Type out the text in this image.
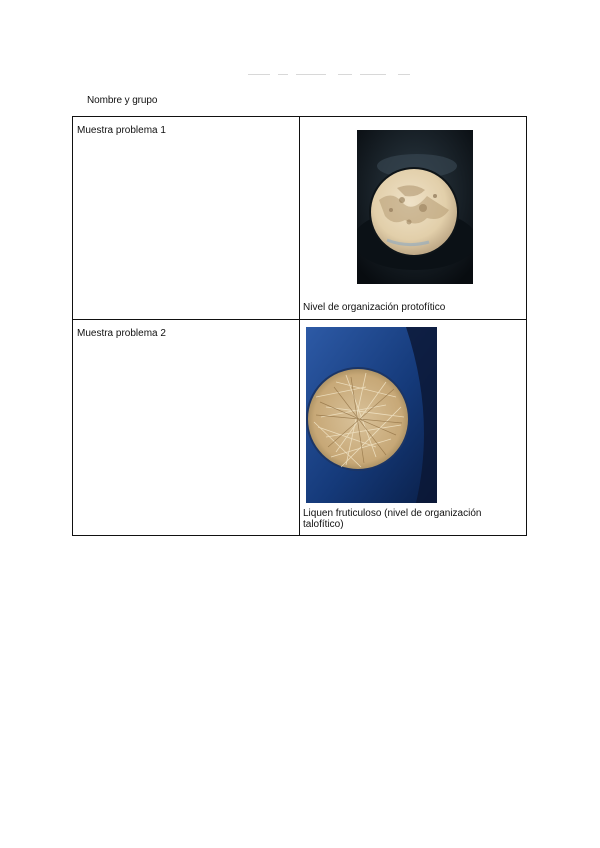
Nombre y grupo
Muestra problema 1	Nivel de organización protofítico

Muestra problema 2	Liquen fruticuloso (nivel de organización talofítico)
